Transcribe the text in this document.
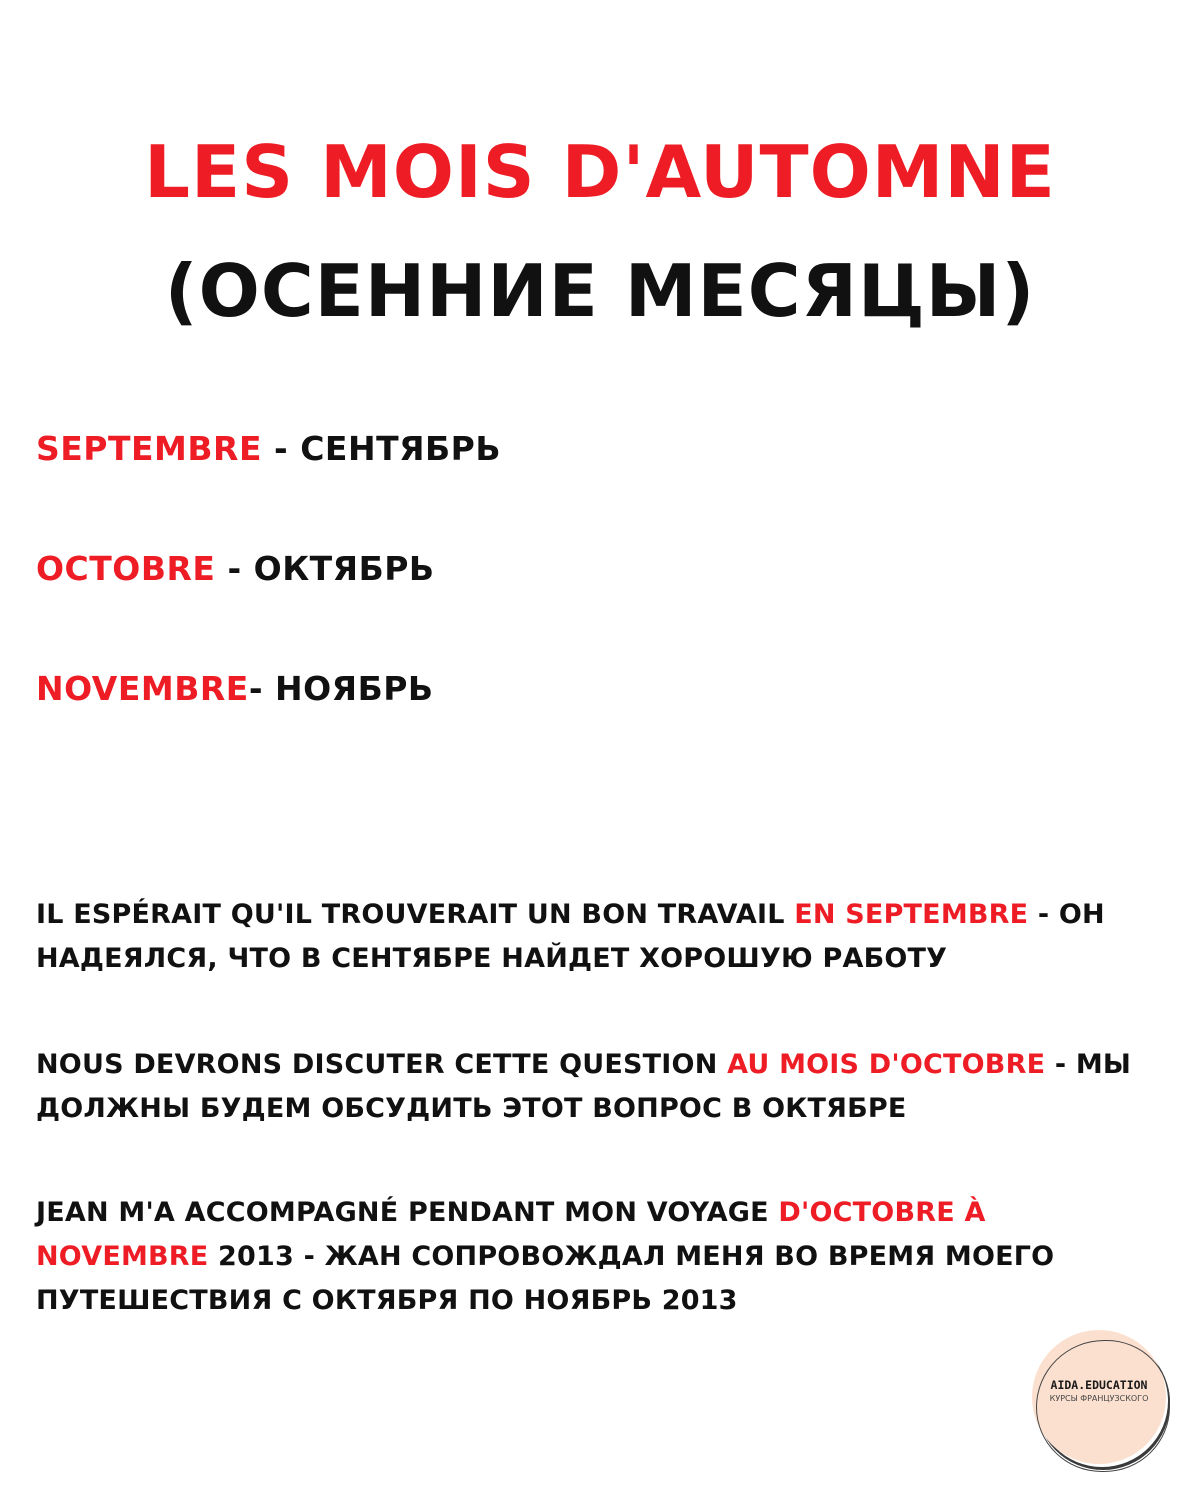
LES MOIS D'AUTOMNE
(ОСЕННИЕ МЕСЯЦЫ)
SEPTEMBRE - СЕНТЯБРЬ
OCTOBRE - ОКТЯБРЬ
NOVEMBRE- НОЯБРЬ

IL ESPÉRAIT QU'IL TROUVERAIT UN BON TRAVAIL EN SEPTEMBRE - ОН НАДЕЯЛСЯ, ЧТО В СЕНТЯБРЕ НАЙДЕТ ХОРОШУЮ РАБОТУ

NOUS DEVRONS DISCUTER CETTE QUESTION AU MOIS D'OCTOBRE - МЫ ДОЛЖНЫ БУДЕМ ОБСУДИТЬ ЭТОТ ВОПРОС В ОКТЯБРЕ

JEAN M'A ACCOMPAGNÉ PENDANT MON VOYAGE D'OCTOBRE À NOVEMBRE 2013 - ЖАН СОПРОВОЖДАЛ МЕНЯ ВО ВРЕМЯ МОЕГО ПУТЕШЕСТВИЯ С ОКТЯБРЯ ПО НОЯБРЬ 2013

AIDA.EDUCATION
КУРСЫ ФРАНЦУЗСКОГО
